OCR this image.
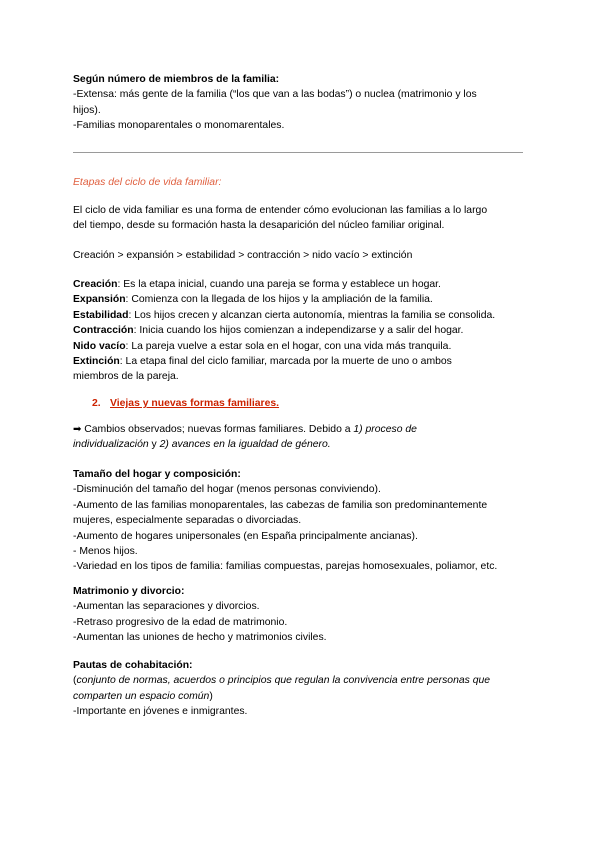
Según número de miembros de la familia:

-Extensa: más gente de la familia (“los que van a las bodas”) o nuclea (matrimonio y los

hijos).

-Familias monoparentales o monomarentales.

Etapas del ciclo de vida familiar:

El ciclo de vida familiar es una forma de entender cómo evolucionan las familias a lo largo

del tiempo, desde su formación hasta la desaparición del núcleo familiar original.

Creación > expansión > estabilidad > contracción > nido vacío > extinción

Creación: Es la etapa inicial, cuando una pareja se forma y establece un hogar.

Expansión: Comienza con la llegada de los hijos y la ampliación de la familia.

Estabilidad: Los hijos crecen y alcanzan cierta autonomía, mientras la familia se consolida.

Contracción: Inicia cuando los hijos comienzan a independizarse y a salir del hogar.

Nido vacío: La pareja vuelve a estar sola en el hogar, con una vida más tranquila.

Extinción: La etapa final del ciclo familiar, marcada por la muerte de uno o ambos

miembros de la pareja.

2. Viejas y nuevas formas familiares.

➡ Cambios observados; nuevas formas familiares. Debido a 1) proceso de

individualización y 2) avances en la igualdad de género.

Tamaño del hogar y composición:

-Disminución del tamaño del hogar (menos personas conviviendo).

-Aumento de las familias monoparentales, las cabezas de familia son predominantemente

mujeres, especialmente separadas o divorciadas.

-Aumento de hogares unipersonales (en España principalmente ancianas).

- Menos hijos.

-Variedad en los tipos de familia: familias compuestas, parejas homosexuales, poliamor, etc.

Matrimonio y divorcio:

-Aumentan las separaciones y divorcios.

-Retraso progresivo de la edad de matrimonio.

-Aumentan las uniones de hecho y matrimonios civiles.

Pautas de cohabitación:

(conjunto de normas, acuerdos o principios que regulan la convivencia entre personas que

comparten un espacio común)

-Importante en jóvenes e inmigrantes.
